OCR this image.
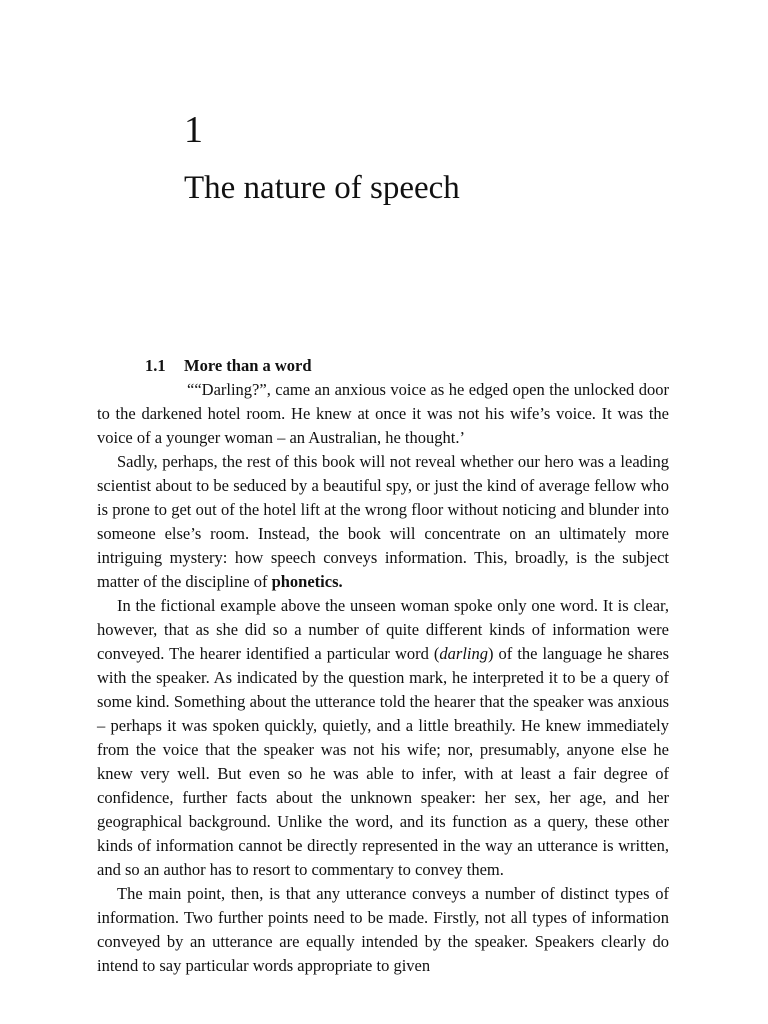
1
The nature of speech
1.1 More than a word

““Darling?”, came an anxious voice as he edged open the unlocked door to the darkened hotel room. He knew at once it was not his wife’s voice. It was the voice of a younger woman – an Australian, he thought.’

Sadly, perhaps, the rest of this book will not reveal whether our hero was a leading scientist about to be seduced by a beautiful spy, or just the kind of average fellow who is prone to get out of the hotel lift at the wrong floor without noticing and blunder into someone else’s room. Instead, the book will concentrate on an ultimately more intriguing mystery: how speech conveys information. This, broadly, is the subject matter of the discipline of phonetics.

In the fictional example above the unseen woman spoke only one word. It is clear, however, that as she did so a number of quite different kinds of information were conveyed. The hearer identified a particular word (darling) of the language he shares with the speaker. As indicated by the question mark, he interpreted it to be a query of some kind. Something about the utterance told the hearer that the speaker was anxious – perhaps it was spoken quickly, quietly, and a little breathily. He knew immediately from the voice that the speaker was not his wife; nor, presumably, anyone else he knew very well. But even so he was able to infer, with at least a fair degree of confidence, further facts about the unknown speaker: her sex, her age, and her geographical background. Unlike the word, and its function as a query, these other kinds of information cannot be directly represented in the way an utterance is written, and so an author has to resort to commentary to convey them.

The main point, then, is that any utterance conveys a number of distinct types of information. Two further points need to be made. Firstly, not all types of information conveyed by an utterance are equally intended by the speaker. Speakers clearly do intend to say particular words appropriate to given
